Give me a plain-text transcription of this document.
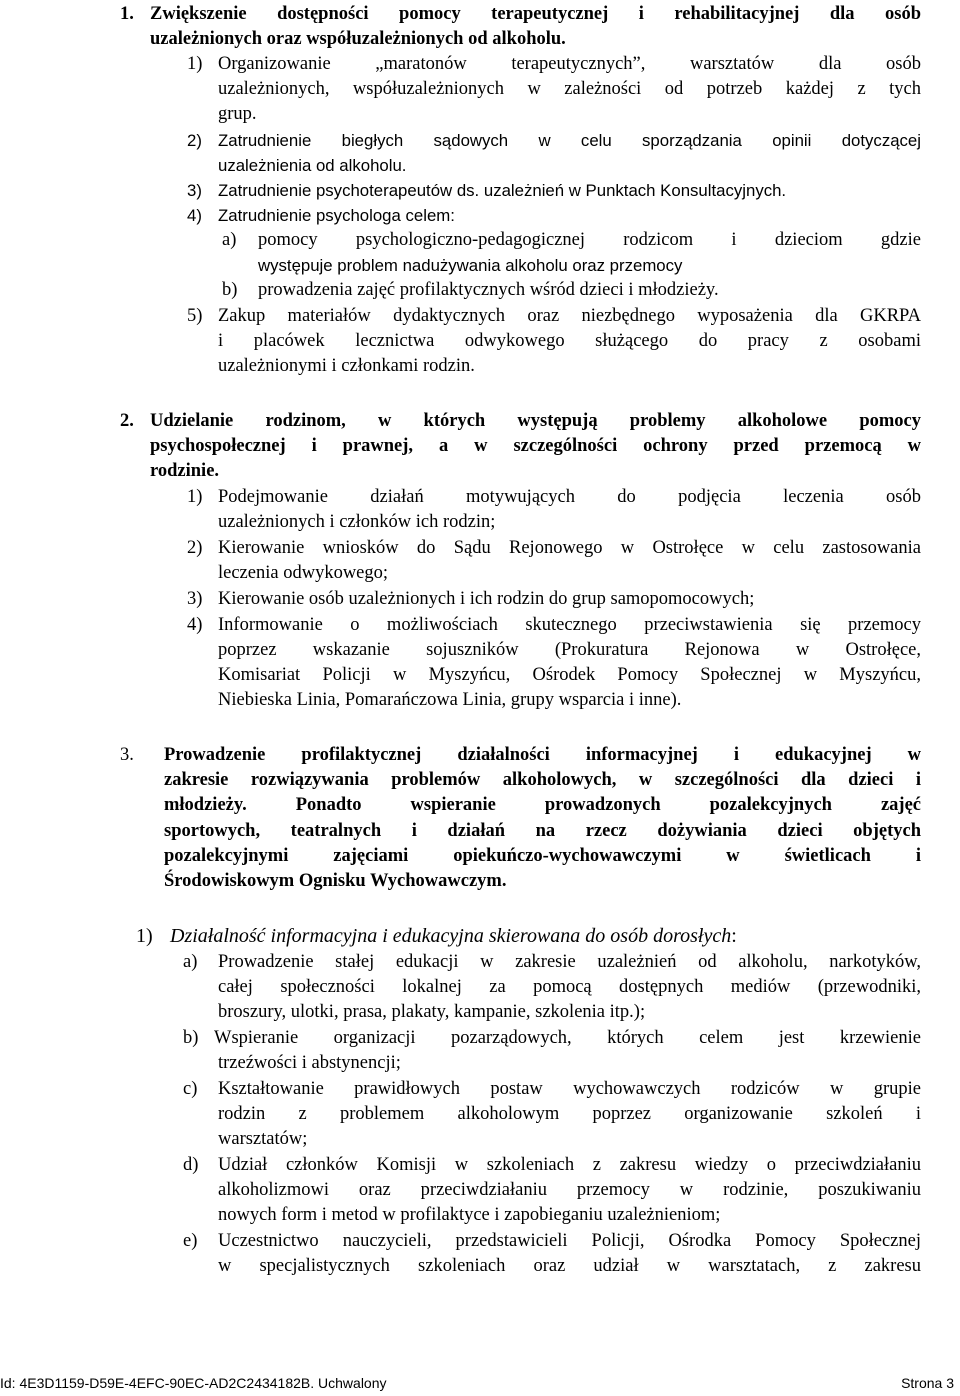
1. Zwiększenie dostępności pomocy terapeutycznej i rehabilitacyjnej dla osób
uzależnionych oraz współuzależnionych od alkoholu.
1) Organizowanie „maratonów terapeutycznych”, warsztatów dla osób
uzależnionych, współuzależnionych w zależności od potrzeb każdej z tych
grup.
2) Zatrudnienie biegłych sądowych w celu sporządzania opinii dotyczącej
uzależnienia od alkoholu.
3) Zatrudnienie psychoterapeutów ds. uzależnień w Punktach Konsultacyjnych.
4) Zatrudnienie psychologa celem:
a) pomocy psychologiczno-pedagogicznej rodzicom i dzieciom gdzie
występuje problem nadużywania alkoholu oraz przemocy
b) prowadzenia zajęć profilaktycznych wśród dzieci i młodzieży.
5) Zakup materiałów dydaktycznych oraz niezbędnego wyposażenia dla GKRPA
i placówek lecznictwa odwykowego służącego do pracy z osobami
uzależnionymi i członkami rodzin.
2. Udzielanie rodzinom, w których występują problemy alkoholowe pomocy
psychospołecznej i prawnej, a w szczególności ochrony przed przemocą w
rodzinie.
1) Podejmowanie działań motywujących do podjęcia leczenia osób
uzależnionych i członków ich rodzin;
2) Kierowanie wniosków do Sądu Rejonowego w Ostrołęce w celu zastosowania
leczenia odwykowego;
3) Kierowanie osób uzależnionych i ich rodzin do grup samopomocowych;
4) Informowanie o możliwościach skutecznego przeciwstawienia się przemocy
poprzez wskazanie sojuszników (Prokuratura Rejonowa w Ostrołęce,
Komisariat Policji w Myszyńcu, Ośrodek Pomocy Społecznej w Myszyńcu,
Niebieska Linia, Pomarańczowa Linia, grupy wsparcia i inne).
3. Prowadzenie profilaktycznej działalności informacyjnej i edukacyjnej w
zakresie rozwiązywania problemów alkoholowych, w szczególności dla dzieci i
młodzieży. Ponadto wspieranie prowadzonych pozalekcyjnych zajęć
sportowych, teatralnych i działań na rzecz dożywiania dzieci objętych
pozalekcyjnymi zajęciami opiekuńczo-wychowawczymi w świetlicach i
Środowiskowym Ognisku Wychowawczym.
1) Działalność informacyjna i edukacyjna skierowana do osób dorosłych:
a) Prowadzenie stałej edukacji w zakresie uzależnień od alkoholu, narkotyków,
całej społeczności lokalnej za pomocą dostępnych mediów (przewodniki,
broszury, ulotki, prasa, plakaty, kampanie, szkolenia itp.);
b) Wspieranie organizacji pozarządowych, których celem jest krzewienie
trzeźwości i abstynencji;
c) Kształtowanie prawidłowych postaw wychowawczych rodziców w grupie
rodzin z problemem alkoholowym poprzez organizowanie szkoleń i
warsztatów;
d) Udział członków Komisji w szkoleniach z zakresu wiedzy o przeciwdziałaniu
alkoholizmowi oraz przeciwdziałaniu przemocy w rodzinie, poszukiwaniu
nowych form i metod w profilaktyce i zapobieganiu uzależnieniom;
e) Uczestnictwo nauczycieli, przedstawicieli Policji, Ośrodka Pomocy Społecznej
w specjalistycznych szkoleniach oraz udział w warsztatach, z zakresu
Id: 4E3D1159-D59E-4EFC-90EC-AD2C2434182B. Uchwalony	Strona 3
